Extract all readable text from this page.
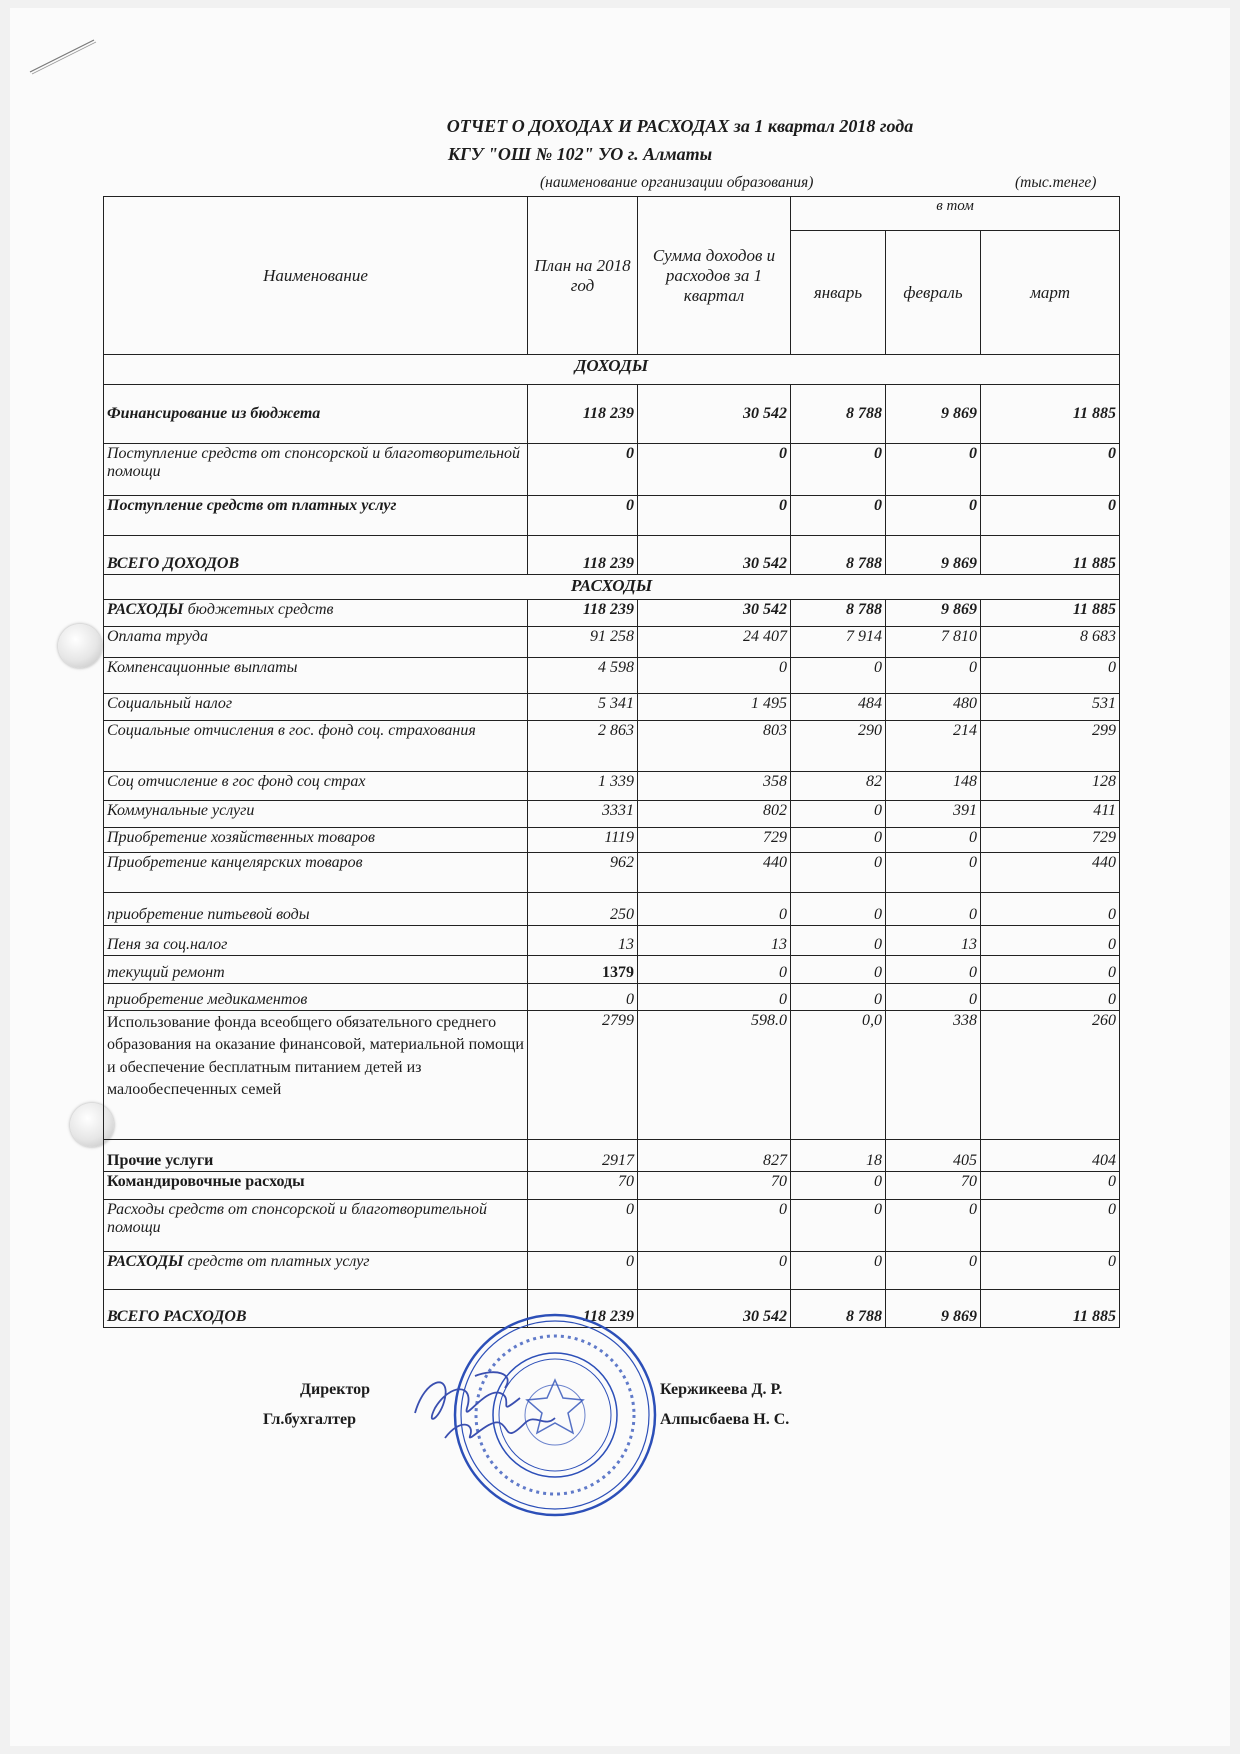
ОТЧЕТ О ДОХОДАХ И РАСХОДАХ за 1 квартал 2018 года
КГУ "ОШ № 102" УО г. Алматы
(наименование организации образования)	(тыс.тенге)
Наименование	План на 2018 год	Сумма доходов и расходов за 1 квартал	в том		
			январь	февраль	март
ДОХОДЫ					
Финансирование из бюджета	118 239	30 542	8 788	9 869	11 885
Поступление средств от спонсорской и благотворительной помощи	0	0	0	0	0
Поступление средств от платных услуг	0	0	0	0	0
ВСЕГО ДОХОДОВ	118 239	30 542	8 788	9 869	11 885
РАСХОДЫ					
РАСХОДЫ бюджетных средств	118 239	30 542	8 788	9 869	11 885
Оплата труда	91 258	24 407	7 914	7 810	8 683
Компенсационные выплаты	4 598	0	0	0	0
Социальный налог	5 341	1 495	484	480	531
Социальные отчисления в гос. фонд соц. страхования	2 863	803	290	214	299
Соц отчисление в гос фонд соц страх	1 339	358	82	148	128
Коммунальные услуги	3331	802	0	391	411
Приобретение хозяйственных товаров	1119	729	0	0	729
Приобретение канцелярских товаров	962	440	0	0	440
приобретение питьевой воды	250	0	0	0	0
Пеня за соц.налог	13	13	0	13	0
текущий ремонт	1379	0	0	0	0
приобретение медикаментов	0	0	0	0	0
Использование фонда всеобщего обязательного среднего образования на оказание финансовой, материальной помощи и обеспечение бесплатным питанием детей из малообеспеченных семей	2799	598.0	0,0	338	260
Прочие услуги	2917	827	18	405	404
Командировочные расходы	70	70	0	70	0
Расходы средств от спонсорской и благотворительной помощи	0	0	0	0	0
РАСХОДЫ средств от платных услуг	0	0	0	0	0
ВСЕГО РАСХОДОВ	118 239	30 542	8 788	9 869	11 885
Директор
Гл.бухгалтер
Кержикеева Д. Р.
Алпысбаева Н. С.
